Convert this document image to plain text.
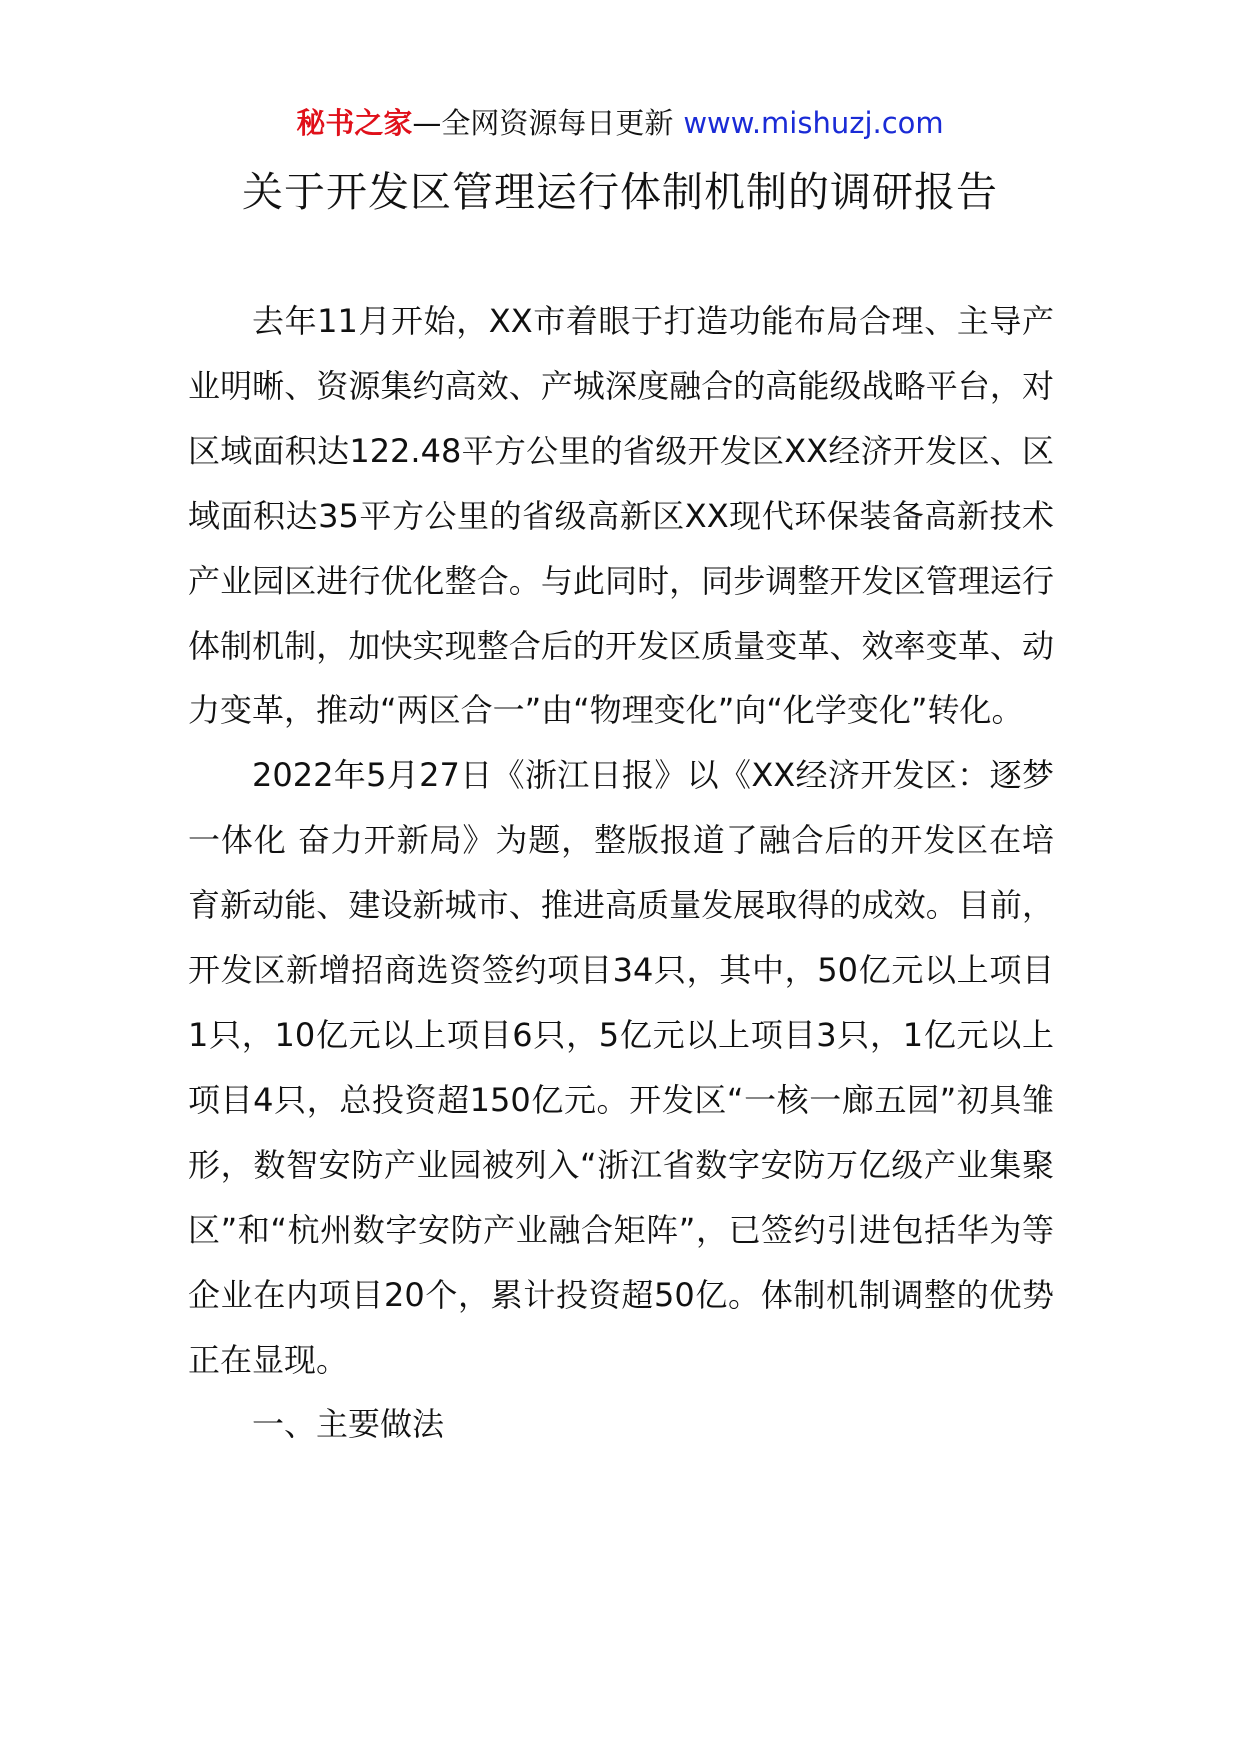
秘书之家—全网资源每日更新 www.mishuzj.com
关于开发区管理运行体制机制的调研报告

去年11月开始，XX市着眼于打造功能布局合理、主导产业明晰、资源集约高效、产城深度融合的高能级战略平台，对区域面积达122.48平方公里的省级开发区XX经济开发区、区域面积达35平方公里的省级高新区XX现代环保装备高新技术产业园区进行优化整合。与此同时，同步调整开发区管理运行体制机制，加快实现整合后的开发区质量变革、效率变革、动力变革，推动“两区合一”由“物理变化”向“化学变化”转化。

2022年5月27日《浙江日报》以《XX经济开发区：逐梦一体化 奋力开新局》为题，整版报道了融合后的开发区在培育新动能、建设新城市、推进高质量发展取得的成效。目前，开发区新增招商选资签约项目34只，其中，50亿元以上项目1只，10亿元以上项目6只，5亿元以上项目3只，1亿元以上项目4只，总投资超150亿元。开发区“一核一廊五园”初具雏形，数智安防产业园被列入“浙江省数字安防万亿级产业集聚区”和“杭州数字安防产业融合矩阵”，已签约引进包括华为等企业在内项目20个，累计投资超50亿。体制机制调整的优势正在显现。

一、主要做法
